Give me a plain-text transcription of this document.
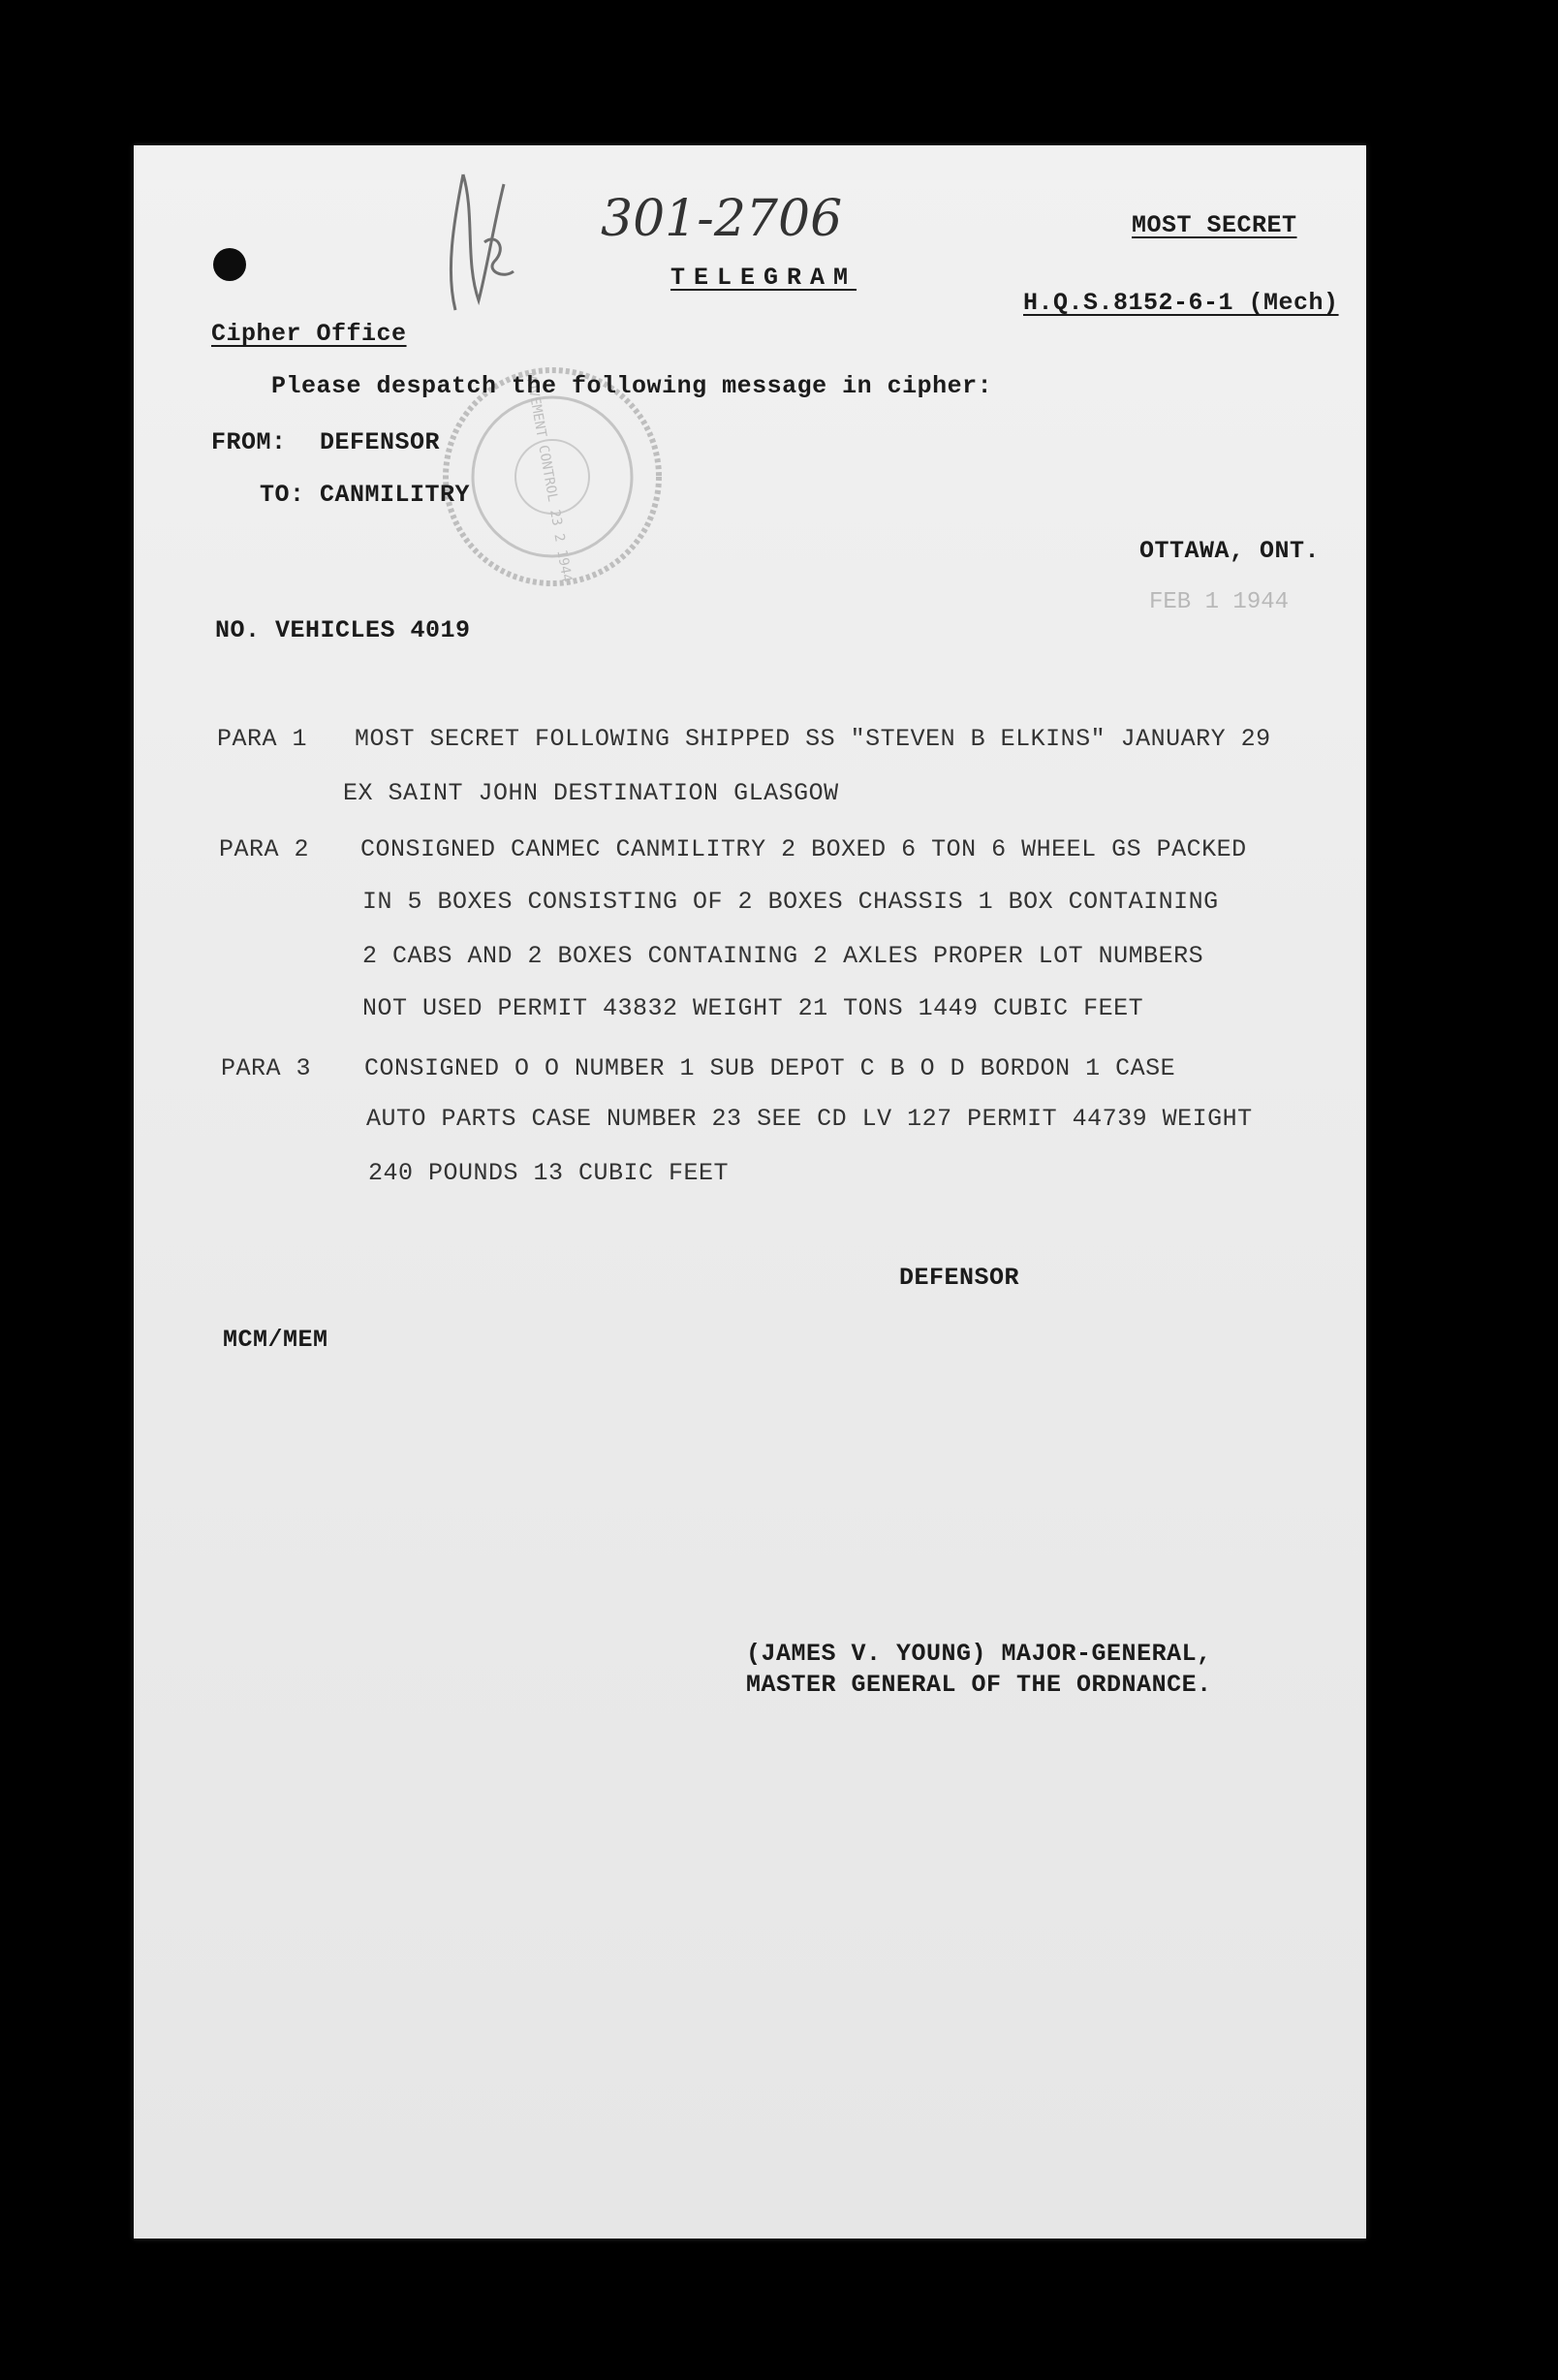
301-2706
MOVEMENT CONTROL 23 2 1944
MOST SECRET
TELEGRAM
H.Q.S.8152-6-1 (Mech)
Cipher Office
Please despatch the following message in cipher:
FROM: DEFENSOR
TO: CANMILITRY
OTTAWA, ONT.
FEB 1 1944
NO. VEHICLES 4019
PARA 1 MOST SECRET FOLLOWING SHIPPED SS "STEVEN B ELKINS" JANUARY 29
EX SAINT JOHN DESTINATION GLASGOW
PARA 2 CONSIGNED CANMEC CANMILITRY 2 BOXED 6 TON 6 WHEEL GS PACKED
IN 5 BOXES CONSISTING OF 2 BOXES CHASSIS 1 BOX CONTAINING
2 CABS AND 2 BOXES CONTAINING 2 AXLES PROPER LOT NUMBERS
NOT USED PERMIT 43832 WEIGHT 21 TONS 1449 CUBIC FEET
PARA 3 CONSIGNED O O NUMBER 1 SUB DEPOT C B O D BORDON 1 CASE
AUTO PARTS CASE NUMBER 23 SEE CD LV 127 PERMIT 44739 WEIGHT
240 POUNDS 13 CUBIC FEET
DEFENSOR
MCM/MEM
(JAMES V. YOUNG) MAJOR-GENERAL,
MASTER GENERAL OF THE ORDNANCE.
